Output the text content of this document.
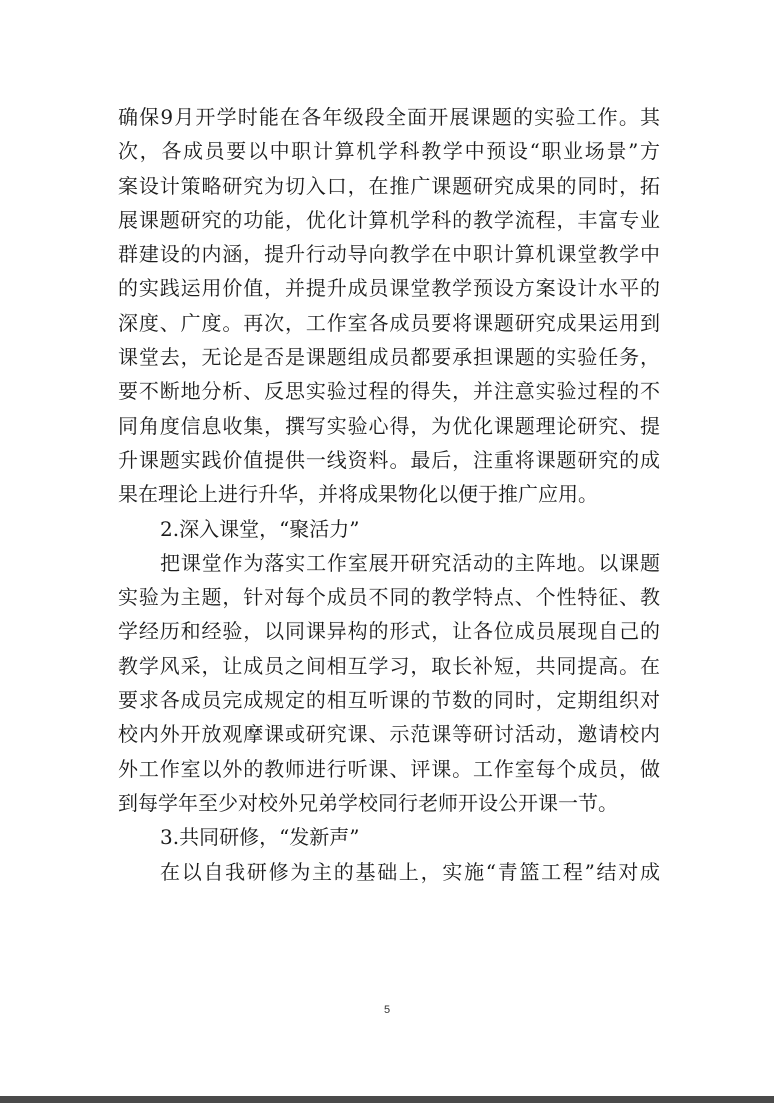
确保9月开学时能在各年级段全面开展课题的实验工作。其
次，各成员要以中职计算机学科教学中预设“职业场景”方
案设计策略研究为切入口，在推广课题研究成果的同时，拓
展课题研究的功能，优化计算机学科的教学流程，丰富专业
群建设的内涵，提升行动导向教学在中职计算机课堂教学中
的实践运用价值，并提升成员课堂教学预设方案设计水平的
深度、广度。再次，工作室各成员要将课题研究成果运用到
课堂去，无论是否是课题组成员都要承担课题的实验任务，
要不断地分析、反思实验过程的得失，并注意实验过程的不
同角度信息收集，撰写实验心得，为优化课题理论研究、提
升课题实践价值提供一线资料。最后，注重将课题研究的成
果在理论上进行升华，并将成果物化以便于推广应用。
2.深入课堂，“聚活力”
把课堂作为落实工作室展开研究活动的主阵地。以课题
实验为主题，针对每个成员不同的教学特点、个性特征、教
学经历和经验，以同课异构的形式，让各位成员展现自己的
教学风采，让成员之间相互学习，取长补短，共同提高。在
要求各成员完成规定的相互听课的节数的同时，定期组织对
校内外开放观摩课或研究课、示范课等研讨活动，邀请校内
外工作室以外的教师进行听课、评课。工作室每个成员，做
到每学年至少对校外兄弟学校同行老师开设公开课一节。
3.共同研修，“发新声”
在以自我研修为主的基础上，实施“青篮工程”结对成
5
